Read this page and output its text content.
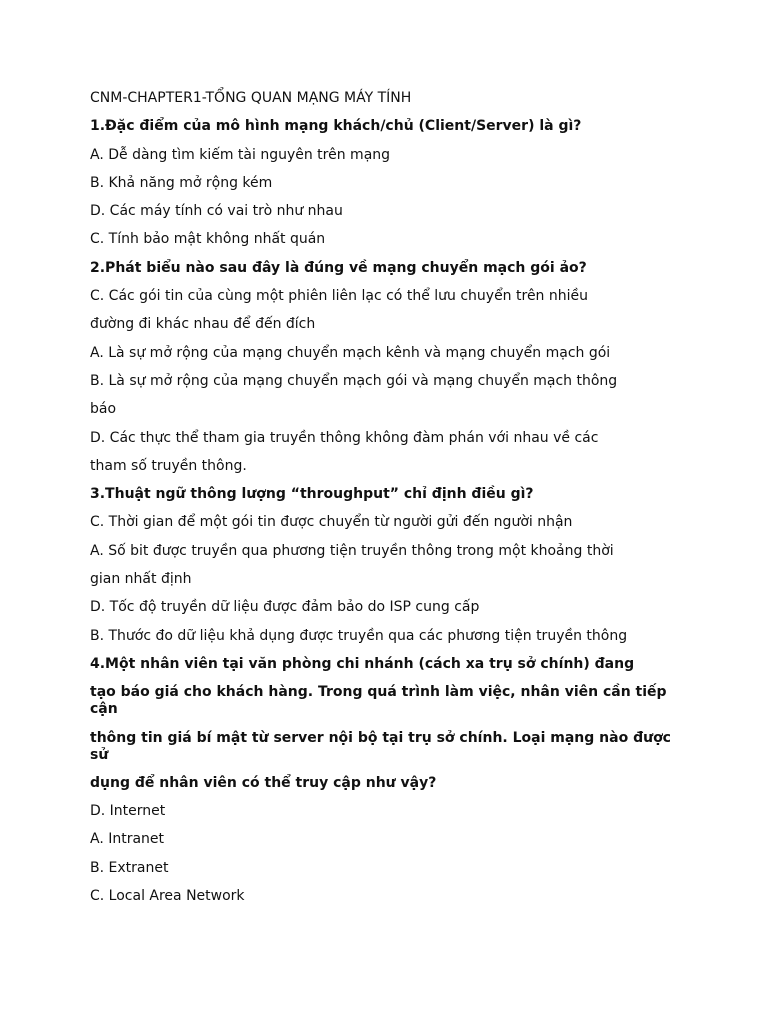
CNM-CHAPTER1-TỔNG QUAN MẠNG MÁY TÍNH
1.Đặc điểm của mô hình mạng khách/chủ (Client/Server) là gì?
A. Dễ dàng tìm kiếm tài nguyên trên mạng
B. Khả năng mở rộng kém
D. Các máy tính có vai trò như nhau
C. Tính bảo mật không nhất quán
2.Phát biểu nào sau đây là đúng về mạng chuyển mạch gói ảo?
C. Các gói tin của cùng một phiên liên lạc có thể lưu chuyển trên nhiều
đường đi khác nhau để đến đích
A. Là sự mở rộng của mạng chuyển mạch kênh và mạng chuyển mạch gói
B. Là sự mở rộng của mạng chuyển mạch gói và mạng chuyển mạch thông
báo
D. Các thực thể tham gia truyền thông không đàm phán với nhau về các
tham số truyền thông.
3.Thuật ngữ thông lượng “throughput” chỉ định điều gì?
C. Thời gian để một gói tin được chuyển từ người gửi đến người nhận
A. Số bit được truyền qua phương tiện truyền thông trong một khoảng thời
gian nhất định
D. Tốc độ truyền dữ liệu được đảm bảo do ISP cung cấp
B. Thước đo dữ liệu khả dụng được truyền qua các phương tiện truyền thông
4.Một nhân viên tại văn phòng chi nhánh (cách xa trụ sở chính) đang
tạo báo giá cho khách hàng. Trong quá trình làm việc, nhân viên cần tiếp cận
thông tin giá bí mật từ server nội bộ tại trụ sở chính. Loại mạng nào được sử
dụng để nhân viên có thể truy cập như vậy?
D. Internet
A. Intranet
B. Extranet
C. Local Area Network
